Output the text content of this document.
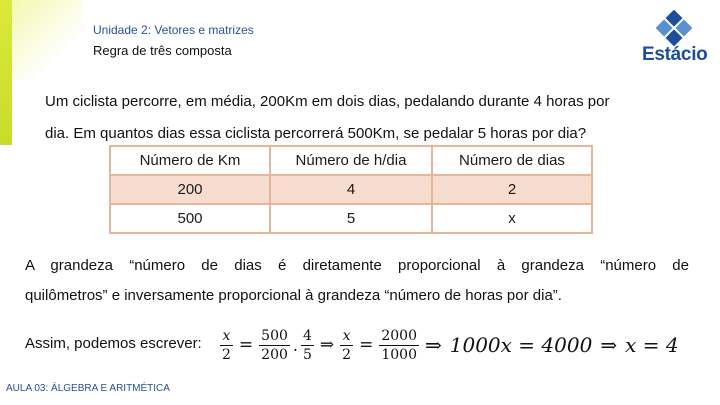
Unidade 2: Vetores e matrizes
Regra de três composta	Estácio
Um ciclista percorre, em média, 200Km em dois dias, pedalando durante 4 horas por
dia. Em quantos dias essa ciclista percorrerá 500Km, se pedalar 5 horas por dia?
Número de Km	Número de h/dia	Número de dias
200	4	2
500	5	x
A grandeza “número de dias é diretamente proporcional à grandeza “número de
quilômetros” e inversamente proporcional à grandeza “número de horas por dia”.
Assim, podemos escrever: $\frac{x}{2} = \frac{500}{200}$ . $\frac{4}{5}$ ⇒ $\frac{x}{2} = \frac{2000}{1000}$ ⇒ 1000x = 4000 ⇒ x = 4
AULA 03: ÁLGEBRA E ARITMÉTICA
